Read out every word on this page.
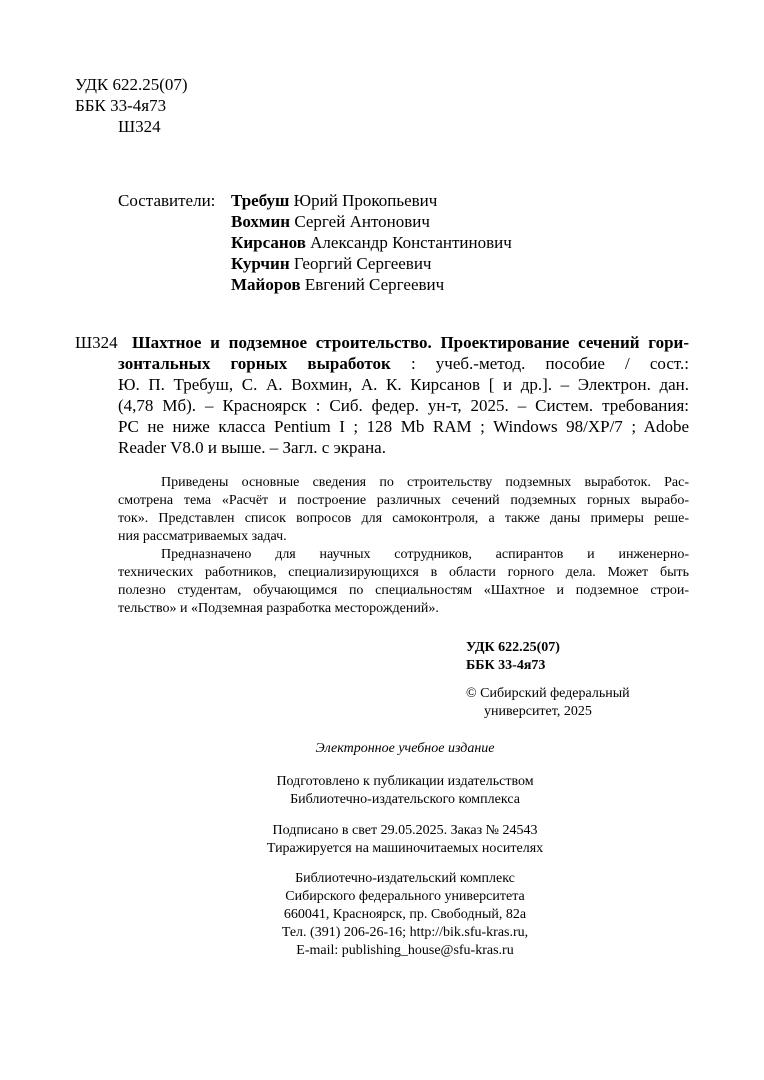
УДК 622.25(07)
ББК 33-4я73
Ш324
Составители: Требуш Юрий Прокопьевич
Вохмин Сергей Антонович
Кирсанов Александр Константинович
Курчин Георгий Сергеевич
Майоров Евгений Сергеевич
Ш324 Шахтное и подземное строительство. Проектирование сечений гори-
зонтальных горных выработок : учеб.-метод. пособие / сост.:
Ю. П. Требуш, С. А. Вохмин, А. К. Кирсанов [ и др.]. – Электрон. дан.
(4,78 Мб). – Красноярск : Сиб. федер. ун-т, 2025. – Систем. требования:
PC не ниже класса Pentium I ; 128 Mb RAM ; Windows 98/XP/7 ; Adobe
Reader V8.0 и выше. – Загл. с экрана.
Приведены основные сведения по строительству подземных выработок. Рас-
смотрена тема «Расчёт и построение различных сечений подземных горных вырабо-
ток». Представлен список вопросов для самоконтроля, а также даны примеры реше-
ния рассматриваемых задач.
Предназначено для научных сотрудников, аспирантов и инженерно-
технических работников, специализирующихся в области горного дела. Может быть
полезно студентам, обучающимся по специальностям «Шахтное и подземное строи-
тельство» и «Подземная разработка месторождений».
УДК 622.25(07)
ББК 33-4я73
© Сибирский федеральный
университет, 2025
Электронное учебное издание
Подготовлено к публикации издательством
Библиотечно-издательского комплекса
Подписано в свет 29.05.2025. Заказ № 24543
Тиражируется на машиночитаемых носителях
Библиотечно-издательский комплекс
Сибирского федерального университета
660041, Красноярск, пр. Свободный, 82а
Тел. (391) 206-26-16; http://bik.sfu-kras.ru,
E-mail: publishing_house@sfu-kras.ru
